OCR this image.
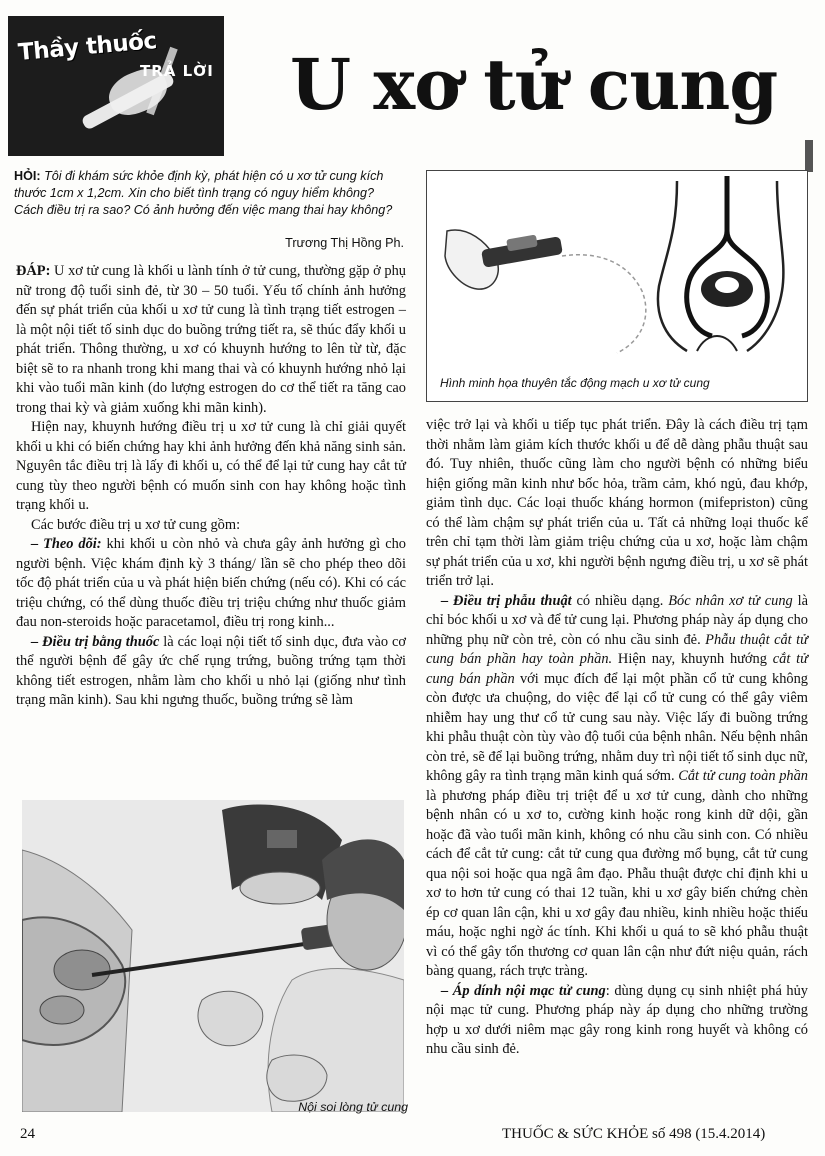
Thầy thuốc
TRẢ LỜI U xơ tử cung
HỎI: Tôi đi khám sức khỏe định kỳ, phát hiện có u xơ tử cung kích thước 1cm x 1,2cm. Xin cho biết tình trạng có nguy hiểm không? Cách điều trị ra sao? Có ảnh hưởng đến việc mang thai hay không?
Trương Thị Hồng Ph.

ĐÁP: U xơ tử cung là khối u lành tính ở tử cung, thường gặp ở phụ nữ trong độ tuổi sinh đẻ, từ 30 – 50 tuổi. Yếu tố chính ảnh hưởng đến sự phát triển của khối u xơ tử cung là tình trạng tiết estrogen – là một nội tiết tố sinh dục do buồng trứng tiết ra, sẽ thúc đẩy khối u phát triển. Thông thường, u xơ có khuynh hướng to lên từ từ, đặc biệt sẽ to ra nhanh trong khi mang thai và có khuynh hướng nhỏ lại khi vào tuổi mãn kinh (do lượng estrogen do cơ thể tiết ra tăng cao trong thai kỳ và giảm xuống khi mãn kinh).

Hiện nay, khuynh hướng điều trị u xơ tử cung là chỉ giải quyết khối u khi có biến chứng hay khi ảnh hưởng đến khả năng sinh sản. Nguyên tắc điều trị là lấy đi khối u, có thể để lại tử cung hay cắt tử cung tùy theo người bệnh có muốn sinh con hay không hoặc tình trạng khối u.

Các bước điều trị u xơ tử cung gồm:

– Theo dõi: khi khối u còn nhỏ và chưa gây ảnh hưởng gì cho người bệnh. Việc khám định kỳ 3 tháng/ lần sẽ cho phép theo dõi tốc độ phát triển của u và phát hiện biến chứng (nếu có). Khi có các triệu chứng, có thể dùng thuốc điều trị triệu chứng như thuốc giảm đau non-steroids hoặc paracetamol, điều trị rong kinh...

– Điều trị bằng thuốc là các loại nội tiết tố sinh dục, đưa vào cơ thể người bệnh để gây ức chế rụng trứng, buồng trứng tạm thời không tiết estrogen, nhằm làm cho khối u nhỏ lại (giống như tình trạng mãn kinh). Sau khi ngưng thuốc, buồng trứng sẽ làm

Hình minh họa thuyên tắc động mạch u xơ tử cung

việc trở lại và khối u tiếp tục phát triển. Đây là cách điều trị tạm thời nhằm làm giảm kích thước khối u để dễ dàng phẫu thuật sau đó. Tuy nhiên, thuốc cũng làm cho người bệnh có những biểu hiện giống mãn kinh như bốc hỏa, trầm cảm, khó ngủ, đau khớp, giảm tình dục. Các loại thuốc kháng hormon (mifepriston) cũng có thể làm chậm sự phát triển của u. Tất cả những loại thuốc kể trên chỉ tạm thời làm giảm triệu chứng của u xơ, hoặc làm chậm sự phát triển của u xơ, khi người bệnh ngưng điều trị, u xơ sẽ phát triển trở lại.

– Điều trị phẫu thuật có nhiều dạng. Bóc nhân xơ tử cung là chỉ bóc khối u xơ và để tử cung lại. Phương pháp này áp dụng cho những phụ nữ còn trẻ, còn có nhu cầu sinh đẻ. Phẫu thuật cắt tử cung bán phần hay toàn phần. Hiện nay, khuynh hướng cắt tử cung bán phần với mục đích để lại một phần cổ tử cung không còn được ưa chuộng, do việc để lại cổ tử cung có thể gây viêm nhiễm hay ung thư cổ tử cung sau này. Việc lấy đi buồng trứng khi phẫu thuật còn tùy vào độ tuổi của bệnh nhân. Nếu bệnh nhân còn trẻ, sẽ để lại buồng trứng, nhằm duy trì nội tiết tố sinh dục nữ, không gây ra tình trạng mãn kinh quá sớm. Cắt tử cung toàn phần là phương pháp điều trị triệt để u xơ tử cung, dành cho những bệnh nhân có u xơ to, cường kinh hoặc rong kinh dữ dội, gần hoặc đã vào tuổi mãn kinh, không có nhu cầu sinh con. Có nhiều cách để cắt tử cung: cắt tử cung qua đường mổ bụng, cắt tử cung qua nội soi hoặc qua ngã âm đạo. Phẫu thuật được chỉ định khi u xơ to hơn tử cung có thai 12 tuần, khi u xơ gây biến chứng chèn ép cơ quan lân cận, khi u xơ gây đau nhiều, kinh nhiều hoặc thiếu máu, hoặc nghi ngờ ác tính. Khi khối u quá to sẽ khó phẫu thuật vì có thể gây tổn thương cơ quan lân cận như đứt niệu quản, rách bàng quang, rách trực tràng.

– Áp dính nội mạc tử cung: dùng dụng cụ sinh nhiệt phá hủy nội mạc tử cung. Phương pháp này áp dụng cho những trường hợp u xơ dưới niêm mạc gây rong kinh rong huyết và không có nhu cầu sinh đẻ.

Nội soi lòng tử cung
24	THUỐC & SỨC KHỎE số 498 (15.4.2014)
